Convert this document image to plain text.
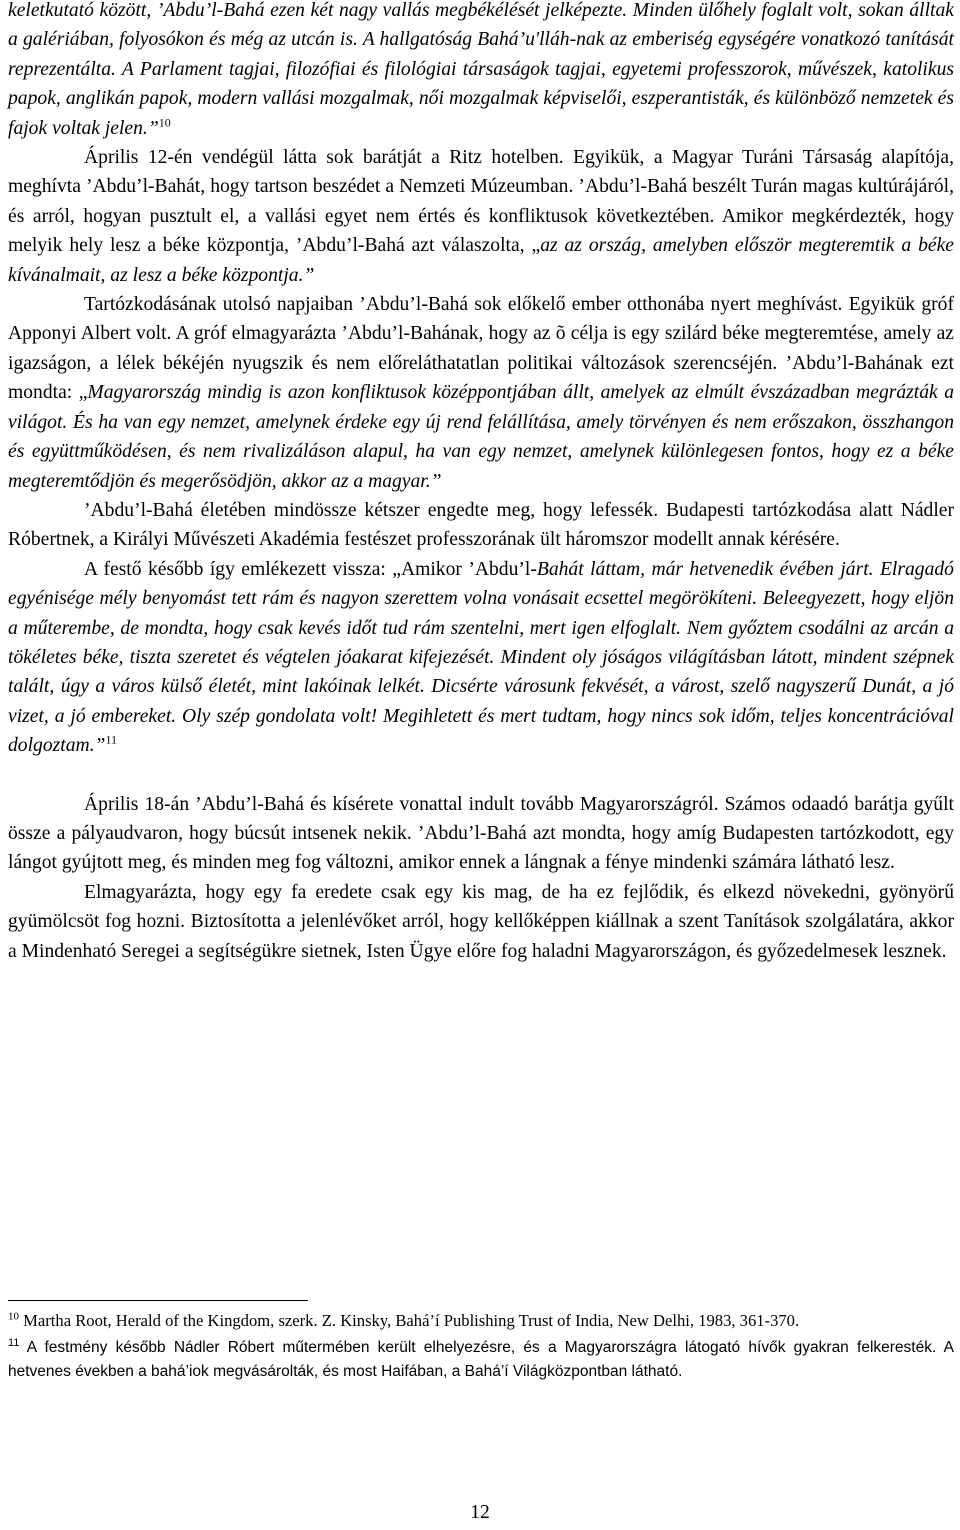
keletkutató között, ’Abdu’l-Bahá ezen két nagy vallás megbékélését jelképezte. Minden ülőhely foglalt volt, sokan álltak a galériában, folyosókon és még az utcán is. A hallgatóság Bahá’u'lláh-nak az emberiség egységére vonatkozó tanítását reprezentálta. A Parlament tagjai, filozófiai és filológiai társaságok tagjai, egyetemi professzorok, művészek, katolikus papok, anglikán papok, modern vallási mozgalmak, női mozgalmak képviselői, eszperantisták, és különböző nemzetek és fajok voltak jelen.”$^{10}$

Április 12-én vendégül látta sok barátját a Ritz hotelben. Egyikük, a Magyar Turáni Társaság alapítója, meghívta ’Abdu’l-Bahát, hogy tartson beszédet a Nemzeti Múzeumban. ’Abdu’l-Bahá beszélt Turán magas kultúrájáról, és arról, hogyan pusztult el, a vallási egyet nem értés és konfliktusok következtében. Amikor megkérdezték, hogy melyik hely lesz a béke központja, ’Abdu’l-Bahá azt válaszolta, „az az ország, amelyben először megteremtik a béke kívánalmait, az lesz a béke központja.”

Tartózkodásának utolsó napjaiban ’Abdu’l-Bahá sok előkelő ember otthonába nyert meghívást. Egyikük gróf Apponyi Albert volt. A gróf elmagyarázta ’Abdu’l-Bahának, hogy az õ célja is egy szilárd béke megteremtése, amely az igazságon, a lélek békéjén nyugszik és nem előreláthatatlan politikai változások szerencséjén. ’Abdu’l-Bahának ezt mondta: „Magyarország mindig is azon konfliktusok középpontjában állt, amelyek az elmúlt évszázadban megrázták a világot. És ha van egy nemzet, amelynek érdeke egy új rend felállítása, amely törvényen és nem erőszakon, összhangon és együttműködésen, és nem rivalizáláson alapul, ha van egy nemzet, amelynek különlegesen fontos, hogy ez a béke megteremtődjön és megerősödjön, akkor az a magyar.”

’Abdu’l-Bahá életében mindössze kétszer engedte meg, hogy lefessék. Budapesti tartózkodása alatt Nádler Róbertnek, a Királyi Művészeti Akadémia festészet professzorának ült háromszor modellt annak kérésére.

A festő később így emlékezett vissza: „Amikor ’Abdu’l-Bahát láttam, már hetvenedik évében járt. Elragadó egyénisége mély benyomást tett rám és nagyon szerettem volna vonásait ecsettel megörökíteni. Beleegyezett, hogy eljön a műterembe, de mondta, hogy csak kevés időt tud rám szentelni, mert igen elfoglalt. Nem győztem csodálni az arcán a tökéletes béke, tiszta szeretet és végtelen jóakarat kifejezését. Mindent oly jóságos világításban látott, mindent szépnek talált, úgy a város külső életét, mint lakóinak lelkét. Dicsérte városunk fekvését, a várost, szelő nagyszerű Dunát, a jó vizet, a jó embereket. Oly szép gondolata volt! Megihletett és mert tudtam, hogy nincs sok időm, teljes koncentrációval dolgoztam.”$^{11}$

Április 18-án ’Abdu’l-Bahá és kísérete vonattal indult tovább Magyarországról. Számos odaadó barátja gyűlt össze a pályaudvaron, hogy búcsút intsenek nekik. ’Abdu’l-Bahá azt mondta, hogy amíg Budapesten tartózkodott, egy lángot gyújtott meg, és minden meg fog változni, amikor ennek a lángnak a fénye mindenki számára látható lesz.

Elmagyarázta, hogy egy fa eredete csak egy kis mag, de ha ez fejlődik, és elkezd növekedni, gyönyörű gyümölcsöt fog hozni. Biztosította a jelenlévőket arról, hogy kellőképpen kiállnak a szent Tanítások szolgálatára, akkor a Mindenható Seregei a segítségükre sietnek, Isten Ügye előre fog haladni Magyarországon, és győzedelmesek lesznek.

$^{10}$ Martha Root, Herald of the Kingdom, szerk. Z. Kinsky, Bahá’í Publishing Trust of India, New Delhi, 1983, 361-370.

$^{11}$ A festmény később Nádler Róbert műtermében került elhelyezésre, és a Magyarországra látogató hívők gyakran felkeresték. A hetvenes években a bahá’iok megvásárolták, és most Haifában, a Bahá’í Világközpontban látható.

12
